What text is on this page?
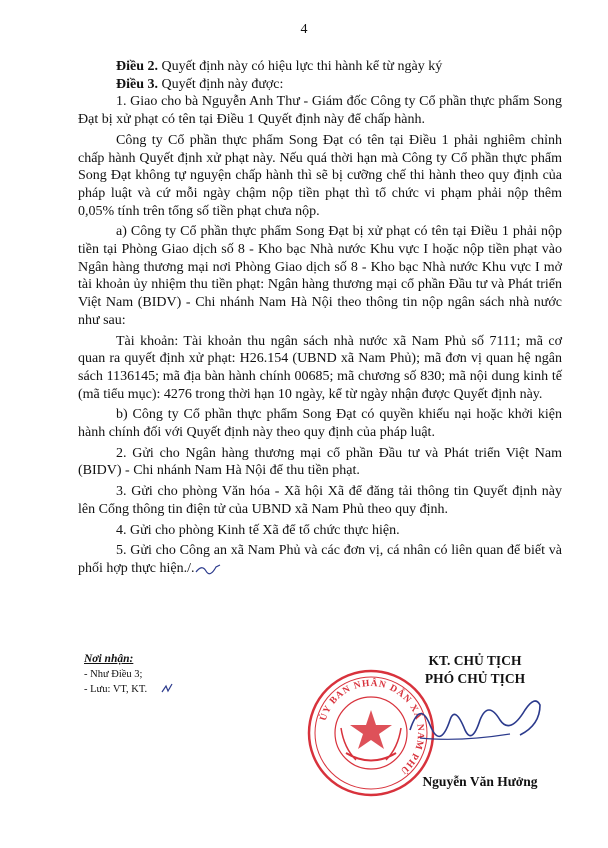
4

Điều 2. Quyết định này có hiệu lực thi hành kể từ ngày ký

Điều 3. Quyết định này được:

1. Giao cho bà Nguyễn Anh Thư - Giám đốc Công ty Cổ phần thực phẩm Song Đạt bị xử phạt có tên tại Điều 1 Quyết định này để chấp hành.

Công ty Cổ phần thực phẩm Song Đạt có tên tại Điều 1 phải nghiêm chỉnh chấp hành Quyết định xử phạt này. Nếu quá thời hạn mà Công ty Cổ phần thực phẩm Song Đạt không tự nguyện chấp hành thì sẽ bị cưỡng chế thi hành theo quy định của pháp luật và cứ mỗi ngày chậm nộp tiền phạt thì tổ chức vi phạm phải nộp thêm 0,05% tính trên tổng số tiền phạt chưa nộp.

a) Công ty Cổ phần thực phẩm Song Đạt bị xử phạt có tên tại Điều 1 phải nộp tiền tại Phòng Giao dịch số 8 - Kho bạc Nhà nước Khu vực I hoặc nộp tiền phạt vào Ngân hàng thương mại nơi Phòng Giao dịch số 8 - Kho bạc Nhà nước Khu vực I mở tài khoản ủy nhiệm thu tiền phạt: Ngân hàng thương mại cổ phần Đầu tư và Phát triển Việt Nam (BIDV) - Chi nhánh Nam Hà Nội theo thông tin nộp ngân sách nhà nước như sau:

Tài khoản: Tài khoản thu ngân sách nhà nước xã Nam Phủ số 7111; mã cơ quan ra quyết định xử phạt: H26.154 (UBND xã Nam Phủ); mã đơn vị quan hệ ngân sách 1136145; mã địa bàn hành chính 00685; mã chương số 830; mã nội dung kinh tế (mã tiểu mục): 4276 trong thời hạn 10 ngày, kể từ ngày nhận được Quyết định này.

b) Công ty Cổ phần thực phẩm Song Đạt có quyền khiếu nại hoặc khởi kiện hành chính đối với Quyết định này theo quy định của pháp luật.

2. Gửi cho Ngân hàng thương mại cổ phần Đầu tư và Phát triển Việt Nam (BIDV) - Chi nhánh Nam Hà Nội để thu tiền phạt.

3. Gửi cho phòng Văn hóa - Xã hội Xã để đăng tải thông tin Quyết định này lên Cổng thông tin điện tử của UBND xã Nam Phủ theo quy định.

4. Gửi cho phòng Kinh tế Xã để tổ chức thực hiện.

5. Gửi cho Công an xã Nam Phủ và các đơn vị, cá nhân có liên quan để biết và phối hợp thực hiện./.

Nơi nhận:
- Như Điều 3;
- Lưu: VT, KT.
KT. CHỦ TỊCH
PHÓ CHỦ TỊCH
ỦY BAN NHÂN DÂN XÃ NAM PHỦ
Nguyễn Văn Hưởng
